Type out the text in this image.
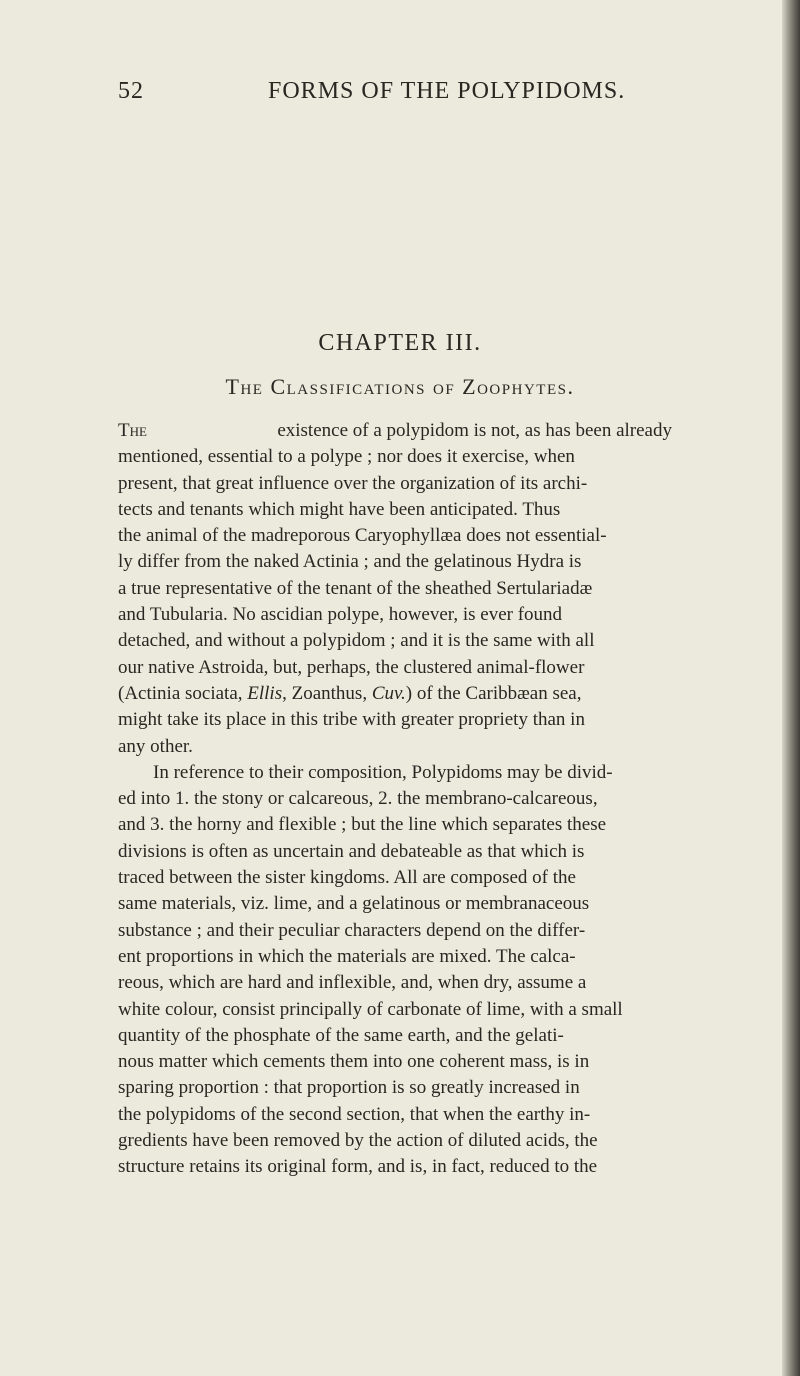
52	FORMS OF THE POLYPIDOMS.
CHAPTER III.
The Classifications of Zoophytes.
The	existence of a polypidom is not, as has been already
mentioned, essential to a polype ; nor does it exercise, when
present, that great influence over the organization of its archi-
tects and tenants which might have been anticipated. Thus
the animal of the madreporous Caryophyllæa does not essential-
ly differ from the naked Actinia ; and the gelatinous Hydra is
a true representative of the tenant of the sheathed Sertulariadæ
and Tubularia. No ascidian polype, however, is ever found
detached, and without a polypidom ; and it is the same with all
our native Astroida, but, perhaps, the clustered animal-flower
(Actinia sociata, Ellis, Zoanthus, Cuv.) of the Caribbæan sea,
might take its place in this tribe with greater propriety than in
any other.
In reference to their composition, Polypidoms may be divid-
ed into 1. the stony or calcareous, 2. the membrano-calcareous,
and 3. the horny and flexible ; but the line which separates these
divisions is often as uncertain and debateable as that which is
traced between the sister kingdoms. All are composed of the
same materials, viz. lime, and a gelatinous or membranaceous
substance ; and their peculiar characters depend on the differ-
ent proportions in which the materials are mixed. The calca-
reous, which are hard and inflexible, and, when dry, assume a
white colour, consist principally of carbonate of lime, with a small
quantity of the phosphate of the same earth, and the gelati-
nous matter which cements them into one coherent mass, is in
sparing proportion : that proportion is so greatly increased in
the polypidoms of the second section, that when the earthy in-
gredients have been removed by the action of diluted acids, the
structure retains its original form, and is, in fact, reduced to the
